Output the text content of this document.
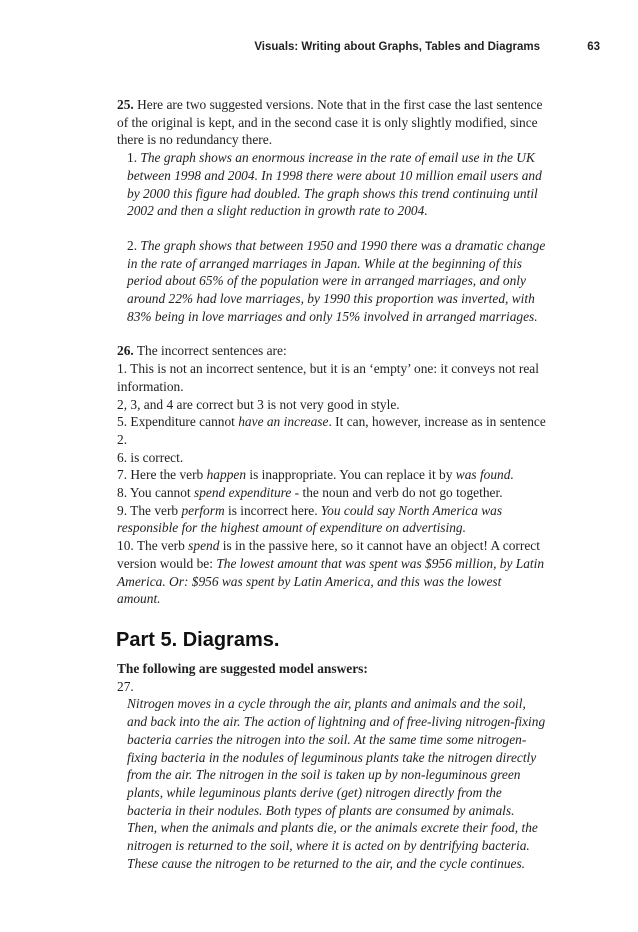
Visuals: Writing about Graphs, Tables and Diagrams	63

25. Here are two suggested versions. Note that in the first case the last sentence of the original is kept, and in the second case it is only slightly modified, since there is no redundancy there.

1. The graph shows an enormous increase in the rate of email use in the UK between 1998 and 2004. In 1998 there were about 10 million email users and by 2000 this figure had doubled. The graph shows this trend continuing until 2002 and then a slight reduction in growth rate to 2004.

2. The graph shows that between 1950 and 1990 there was a dramatic change in the rate of arranged marriages in Japan. While at the beginning of this period about 65% of the population were in arranged marriages, and only around 22% had love marriages, by 1990 this proportion was inverted, with 83% being in love marriages and only 15% involved in arranged marriages.

26. The incorrect sentences are:

1. This is not an incorrect sentence, but it is an ‘empty’ one: it conveys not real information.

2, 3, and 4 are correct but 3 is not very good in style.

5. Expenditure cannot have an increase. It can, however, increase as in sentence 2.

6. is correct.

7. Here the verb happen is inappropriate. You can replace it by was found.

8. You cannot spend expenditure - the noun and verb do not go together.

9. The verb perform is incorrect here. You could say North America was responsible for the highest amount of expenditure on advertising.

10. The verb spend is in the passive here, so it cannot have an object! A correct version would be: The lowest amount that was spent was $956 million, by Latin America. Or: $956 was spent by Latin America, and this was the lowest amount.

Part 5. Diagrams.

The following are suggested model answers:

27.

Nitrogen moves in a cycle through the air, plants and animals and the soil, and back into the air. The action of lightning and of free-living nitrogen-fixing bacteria carries the nitrogen into the soil. At the same time some nitrogen-fixing bacteria in the nodules of leguminous plants take the nitrogen directly from the air. The nitrogen in the soil is taken up by non-leguminous green plants, while leguminous plants derive (get) nitrogen directly from the bacteria in their nodules. Both types of plants are consumed by animals. Then, when the animals and plants die, or the animals excrete their food, the nitrogen is returned to the soil, where it is acted on by dentrifying bacteria. These cause the nitrogen to be returned to the air, and the cycle continues.
